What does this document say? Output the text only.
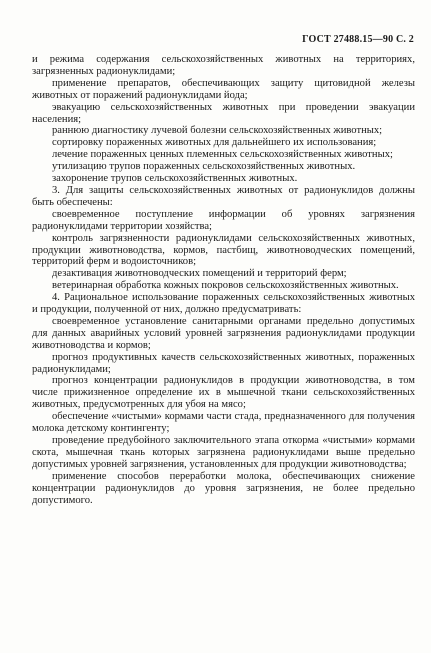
ГОСТ 27488.15—90 С. 2

и режима содержания сельскохозяйственных животных на территориях, загрязненных радионуклидами;

применение препаратов, обеспечивающих защиту щитовидной железы животных от поражений радионуклидами йода;

эвакуацию сельскохозяйственных животных при проведении эвакуации населения;

раннюю диагностику лучевой болезни сельскохозяйственных животных;

сортировку пораженных животных для дальнейшего их использования;

лечение пораженных ценных племенных сельскохозяйственных животных;

утилизацию трупов пораженных сельскохозяйственных животных.

захоронение трупов сельскохозяйственных животных.

3. Для защиты сельскохозяйственных животных от радионуклидов должны быть обеспечены:

своевременное поступление информации об уровнях загрязнения радионуклидами территории хозяйства;

контроль загрязненности радионуклидами сельскохозяйственных животных, продукции животноводства, кормов, пастбищ, животноводческих помещений, территорий ферм и водоисточников;

дезактивация животноводческих помещений и территорий ферм;

ветеринарная обработка кожных покровов сельскохозяйственных животных.

4. Рациональное использование пораженных сельскохозяйственных животных и продукции, полученной от них, должно предусматривать:

своевременное установление санитарными органами предельно допустимых для данных аварийных условий уровней загрязнения радионуклидами продукции животноводства и кормов;

прогноз продуктивных качеств сельскохозяйственных животных, пораженных радионуклидами;

прогноз концентрации радионуклидов в продукции животноводства, в том числе прижизненное определение их в мышечной ткани сельскохозяйственных животных, предусмотренных для убоя на мясо;

обеспечение «чистыми» кормами части стада, предназначенного для получения молока детскому контингенту;

проведение предубойного заключительного этапа откорма «чистыми» кормами скота, мышечная ткань которых загрязнена радионуклидами выше предельно допустимых уровней загрязнения, установленных для продукции животноводства;

применение способов переработки молока, обеспечивающих снижение концентрации радионуклидов до уровня загрязнения, не более предельно допустимого.
